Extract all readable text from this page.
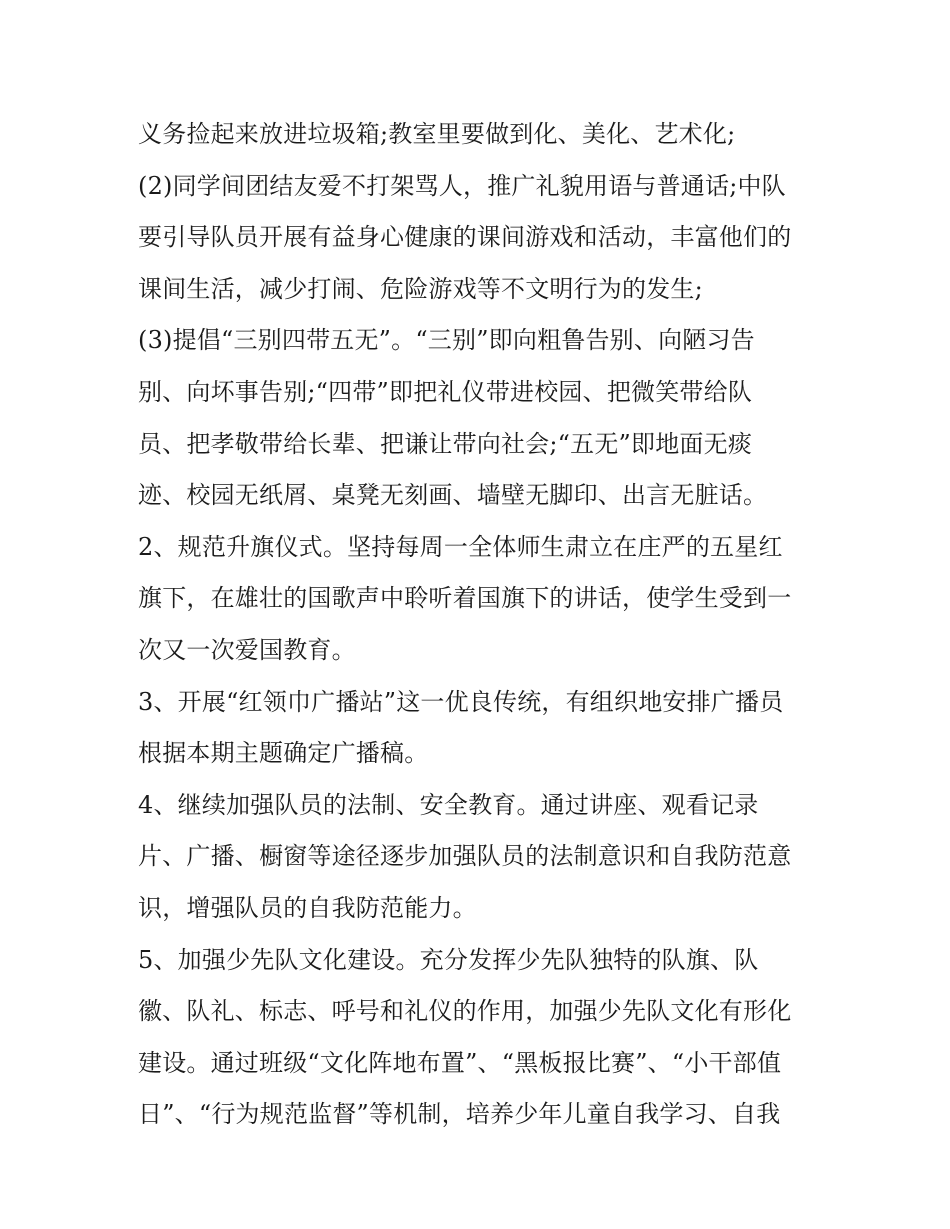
义务捡起来放进垃圾箱;教室里要做到化、美化、艺术化;
(2)同学间团结友爱不打架骂人，推广礼貌用语与普通话;中队
要引导队员开展有益身心健康的课间游戏和活动，丰富他们的
课间生活，减少打闹、危险游戏等不文明行为的发生;
(3)提倡“三别四带五无”。“三别”即向粗鲁告别、向陋习告
别、向坏事告别;“四带”即把礼仪带进校园、把微笑带给队
员、把孝敬带给长辈、把谦让带向社会;“五无”即地面无痰
迹、校园无纸屑、桌凳无刻画、墙壁无脚印、出言无脏话。
2、规范升旗仪式。坚持每周一全体师生肃立在庄严的五星红
旗下，在雄壮的国歌声中聆听着国旗下的讲话，使学生受到一
次又一次爱国教育。
3、开展“红领巾广播站”这一优良传统，有组织地安排广播员
根据本期主题确定广播稿。
4、继续加强队员的法制、安全教育。通过讲座、观看记录
片、广播、橱窗等途径逐步加强队员的法制意识和自我防范意
识，增强队员的自我防范能力。
5、加强少先队文化建设。充分发挥少先队独特的队旗、队
徽、队礼、标志、呼号和礼仪的作用，加强少先队文化有形化
建设。通过班级“文化阵地布置”、“黑板报比赛”、“小干部值
日”、“行为规范监督”等机制，培养少年儿童自我学习、自我
